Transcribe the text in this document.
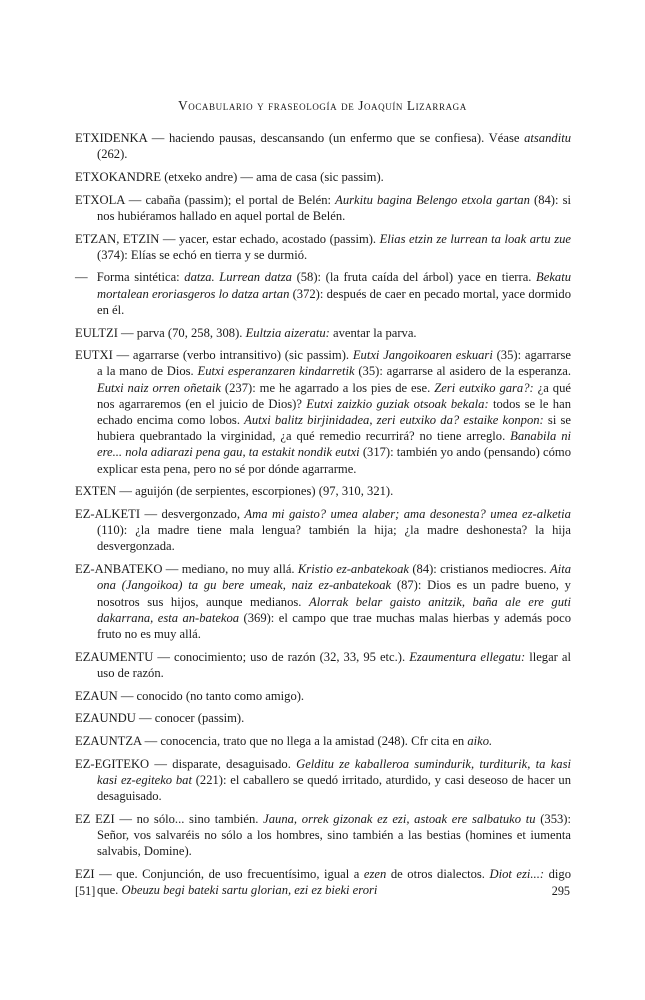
Vocabulario y fraseología de Joaquín Lizarraga

ETXIDENKA — haciendo pausas, descansando (un enfermo que se confiesa). Véase atsanditu (262).

ETXOKANDRE (etxeko andre) — ama de casa (sic passim).

ETXOLA — cabaña (passim); el portal de Belén: Aurkitu bagina Belengo etxola gartan (84): si nos hubiéramos hallado en aquel portal de Belén.

ETZAN, ETZIN — yacer, estar echado, acostado (passim). Elias etzin ze lurrean ta loak artu zue (374): Elías se echó en tierra y se durmió.

—  Forma sintética: datza. Lurrean datza (58): (la fruta caída del árbol) yace en tierra. Bekatu mortalean eroriasgeros lo datza artan (372): después de caer en pecado mortal, yace dormido en él.

EULTZI — parva (70, 258, 308). Eultzia aizeratu: aventar la parva.

EUTXI — agarrarse (verbo intransitivo) (sic passim). Eutxi Jangoikoaren eskuari (35): agarrarse a la mano de Dios. Eutxi esperanzaren kindarretik (35): agarrarse al asidero de la esperanza. Eutxi naiz orren oñetaik (237): me he agarrado a los pies de ese. Zeri eutxiko gara?: ¿a qué nos agarraremos (en el juicio de Dios)? Eutxi zaizkio guziak otsoak bekala: todos se le han echado encima como lobos. Autxi balitz birjinidadea, zeri eutxiko da? estaike konpon: si se hubiera quebrantado la virginidad, ¿a qué remedio recurrirá? no tiene arreglo. Banabila ni ere... nola adiarazi pena gau, ta estakit nondik eutxi (317): también yo ando (pensando) cómo explicar esta pena, pero no sé por dónde agarrarme.

EXTEN — aguijón (de serpientes, escorpiones) (97, 310, 321).

EZ-ALKETI — desvergonzado, Ama mi gaisto? umea alaber; ama desonesta? umea ez-alketia (110): ¿la madre tiene mala lengua? también la hija; ¿la madre deshonesta? la hija desvergonzada.

EZ-ANBATEKO — mediano, no muy allá. Kristio ez-anbatekoak (84): cristianos mediocres. Aita ona (Jangoikoa) ta gu bere umeak, naiz ez-anbatekoak (87): Dios es un padre bueno, y nosotros sus hijos, aunque medianos. Alorrak belar gaisto anitzik, baña ale ere guti dakarrana, esta an-batekoa (369): el campo que trae muchas malas hierbas y además poco fruto no es muy allá.

EZAUMENTU — conocimiento; uso de razón (32, 33, 95 etc.). Ezaumentura ellegatu: llegar al uso de razón.

EZAUN — conocido (no tanto como amigo).

EZAUNDU — conocer (passim).

EZAUNTZA — conocencia, trato que no llega a la amistad (248). Cfr cita en aiko.

EZ-EGITEKO — disparate, desaguisado. Gelditu ze kaballeroa sumindurik, turditurik, ta kasi kasi ez-egiteko bat (221): el caballero se quedó irritado, aturdido, y casi deseoso de hacer un desaguisado.

EZ EZI — no sólo... sino también. Jauna, orrek gizonak ez ezi, astoak ere salbatuko tu (353): Señor, vos salvaréis no sólo a los hombres, sino también a las bestias (homines et iumenta salvabis, Domine).

EZI — que. Conjunción, de uso frecuentísimo, igual a ezen de otros dialectos. Diot ezi...: digo que. Obeuzu begi bateki sartu glorian, ezi ez bieki erori

[51]	295
